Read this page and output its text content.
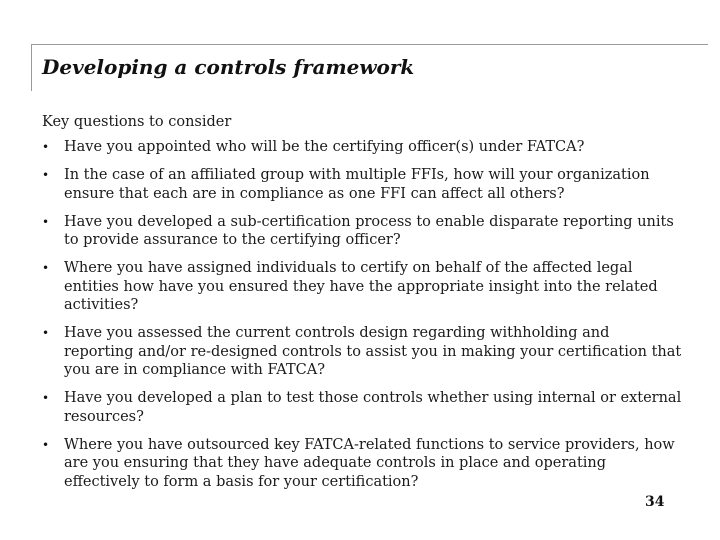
Developing a controls framework
Key questions to consider
• Have you appointed who will be the certifying officer(s) under FATCA?
• In the case of an affiliated group with multiple FFIs, how will your organization ensure that each are in compliance as one FFI can affect all others?
• Have you developed a sub-certification process to enable disparate reporting units to provide assurance to the certifying officer?
• Where you have assigned individuals to certify on behalf of the affected legal entities how have you ensured they have the appropriate insight into the related activities?
• Have you assessed the current controls design regarding withholding and reporting and/or re-designed controls to assist you in making your certification that you are in compliance with FATCA?
• Have you developed a plan to test those controls whether using internal or external resources?
• Where you have outsourced key FATCA-related functions to service providers, how are you ensuring that they have adequate controls in place and operating effectively to form a basis for your certification?
34
